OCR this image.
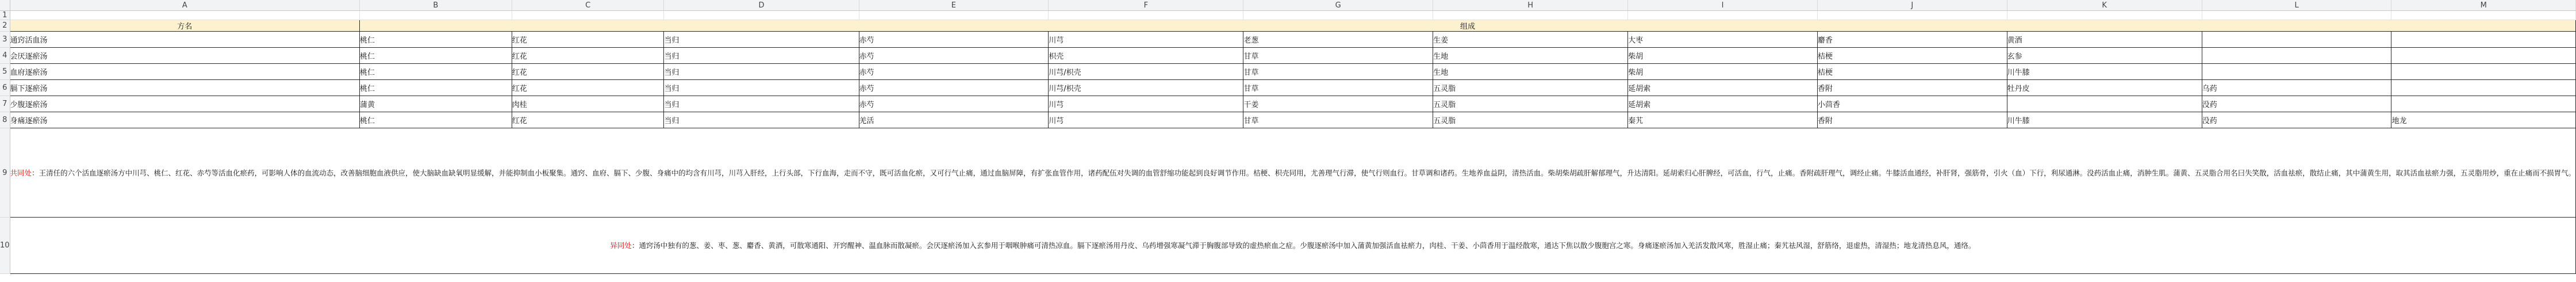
	A	B	C	D	E	F	G	H	I	J	K	L	M
1													
2	方名	组成											
3	通窍活血汤	桃仁	红花	当归	赤芍	川芎	老葱	生姜	大枣	麝香	黄酒		
4	会厌逐瘀汤	桃仁	红花	当归	赤芍	枳壳	甘草	生地	柴胡	桔梗	玄参		
5	血府逐瘀汤	桃仁	红花	当归	赤芍	川芎/枳壳	甘草	生地	柴胡	桔梗	川牛膝		
6	膈下逐瘀汤	桃仁	红花	当归	赤芍	川芎/枳壳	甘草	五灵脂	延胡索	香附	牡丹皮	乌药	
7	少腹逐瘀汤	蒲黄	肉桂	当归	赤芍	川芎	干姜	五灵脂	延胡索	小茴香		没药	
8	身痛逐瘀汤	桃仁	红花	当归	羌活	川芎	甘草	五灵脂	秦艽	香附	川牛膝	没药	地龙
9	共同处：王清任的六个活血逐瘀汤方中川芎、桃仁、红花、赤芍等活血化瘀药，可影响人体的血流动态，改善脑细胞血液供应，使大脑缺血缺氧明显缓解，并能抑制血小板聚集。通窍、血府、膈下、少腹、身痛中的均含有川芎，川芎入肝经，上行头部，下行血海，走而不守，既可活血化瘀，又可行气止痛，通过血脑屏障，有扩张血管作用，诸药配伍对失调的血管舒缩功能起到良好调节作用。桔梗、枳壳同用，尤善理气行滞，使气行则血行。甘草调和诸药。生地养血益阴，清热活血。柴胡柴胡疏肝解郁理气，升达清阳。延胡索归心肝脾经，可活血，行气，止痛。香附疏肝理气，调经止痛。牛膝活血通经，补肝肾，强筋骨，引火（血）下行，利尿通淋。没药活血止痛，消肿生肌。蒲黄、五灵脂合用名曰失笑散，活血祛瘀，散结止痛，其中蒲黄生用，取其活血祛瘀力强，五灵脂用炒，重在止痛而不损胃气。												
10	异同处：通窍汤中独有的葱、姜、枣、葱、麝香、黄酒，可散寒通阳、开窍醒神、温血脉而散凝瘀。会厌逐瘀汤加入玄参用于咽喉肿痛可清热凉血。膈下逐瘀汤用丹皮、乌药增强寒凝气滞于胸腹部导致的虚热瘀血之症。少腹逐瘀汤中加入蒲黄加强活血祛瘀力，肉桂、干姜、小茴香用于温经散寒，通达下焦以散少腹胞宫之寒。身痛逐瘀汤加入羌活发散风寒，胜湿止痛；秦艽祛风湿，舒筋络，退虚热，清湿热；地龙清热息风，通络。												
